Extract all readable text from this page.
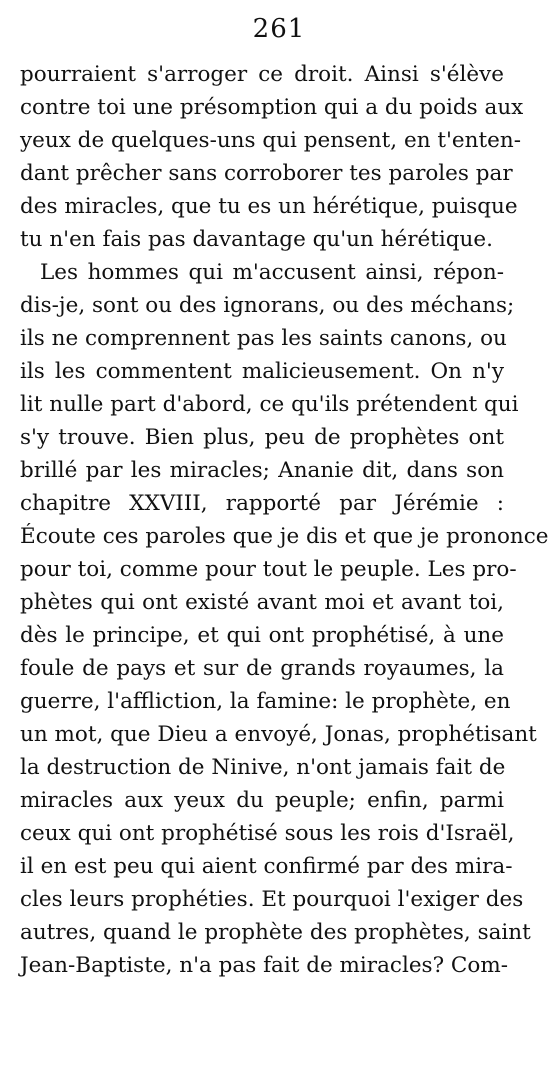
261
pourraient s'arroger ce droit. Ainsi s'élève
contre toi une présomption qui a du poids aux
yeux de quelques-uns qui pensent, en t'enten-
dant prêcher sans corroborer tes paroles par
des miracles, que tu es un hérétique, puisque
tu n'en fais pas davantage qu'un hérétique.
Les hommes qui m'accusent ainsi, répon-
dis-je, sont ou des ignorans, ou des méchans;
ils ne comprennent pas les saints canons, ou
ils les commentent malicieusement. On n'y
lit nulle part d'abord, ce qu'ils prétendent qui
s'y trouve. Bien plus, peu de prophètes ont
brillé par les miracles; Ananie dit, dans son
chapitre XXVIII, rapporté par Jérémie :
Écoute ces paroles que je dis et que je prononce
pour toi, comme pour tout le peuple. Les pro-
phètes qui ont existé avant moi et avant toi,
dès le principe, et qui ont prophétisé, à une
foule de pays et sur de grands royaumes, la
guerre, l'affliction, la famine: le prophète, en
un mot, que Dieu a envoyé, Jonas, prophétisant
la destruction de Ninive, n'ont jamais fait de
miracles aux yeux du peuple; enfin, parmi
ceux qui ont prophétisé sous les rois d'Israël,
il en est peu qui aient confirmé par des mira-
cles leurs prophéties. Et pourquoi l'exiger des
autres, quand le prophète des prophètes, saint
Jean-Baptiste, n'a pas fait de miracles? Com-
